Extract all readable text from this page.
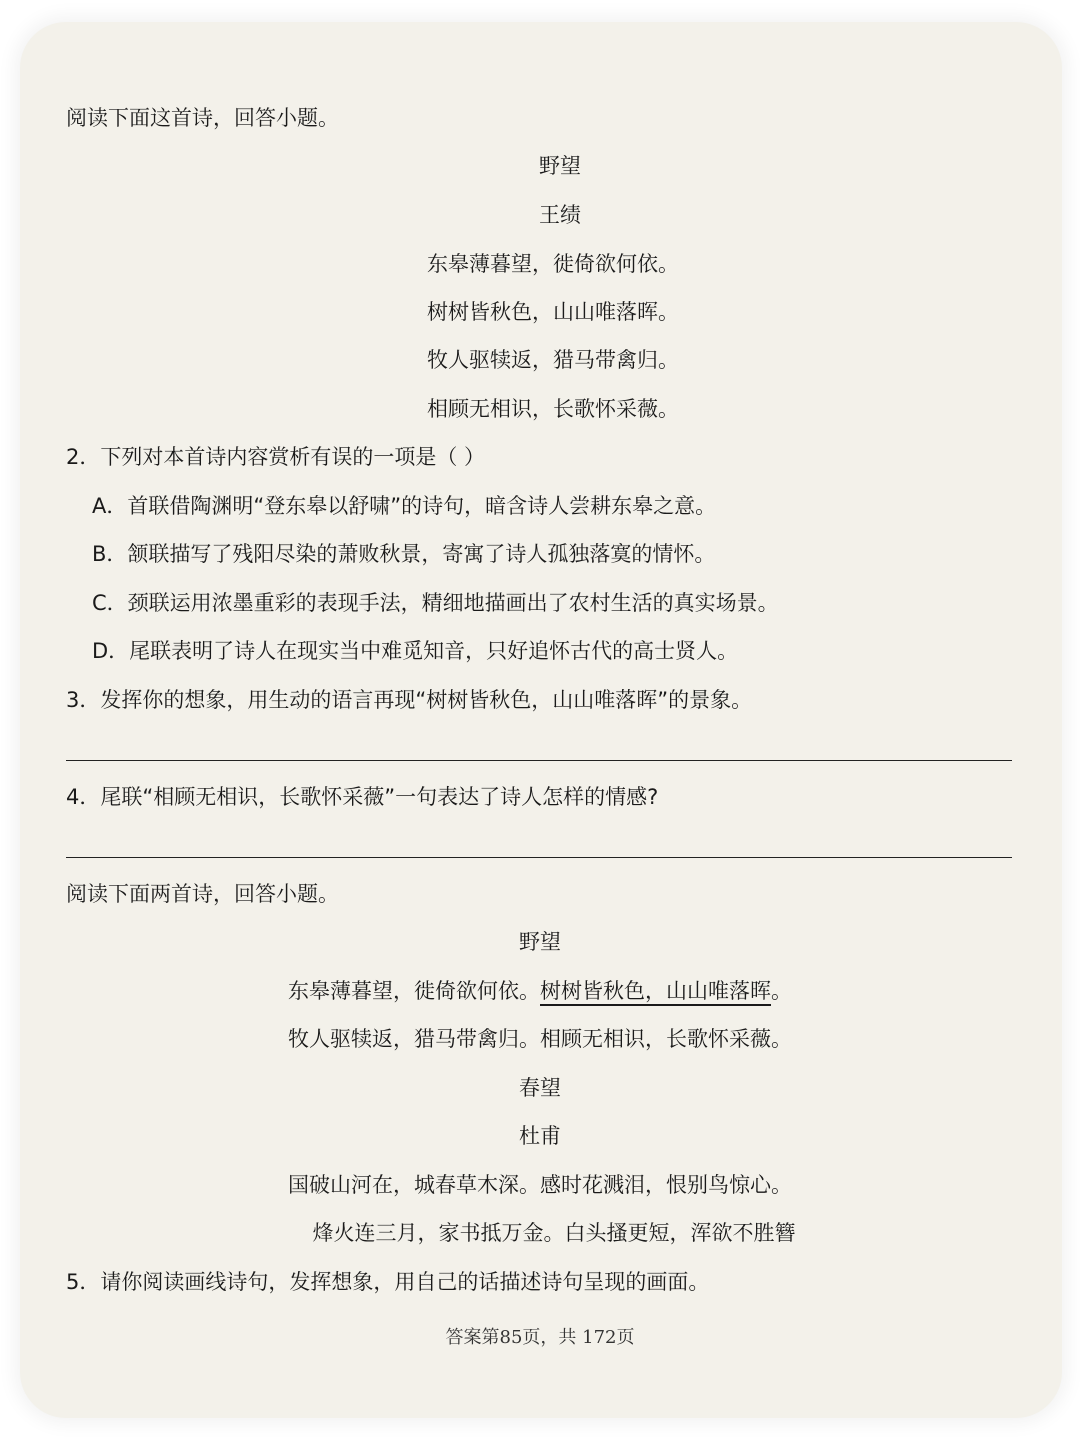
阅读下面这首诗，回答小题。
野望
王绩
东皋薄暮望，徙倚欲何依。
树树皆秋色，山山唯落晖。
牧人驱犊返，猎马带禽归。
相顾无相识，长歌怀采薇。
2．下列对本首诗内容赏析有误的一项是（ ）
A．首联借陶渊明“登东皋以舒啸”的诗句，暗含诗人尝耕东皋之意。
B．颔联描写了残阳尽染的萧败秋景，寄寓了诗人孤独落寞的情怀。
C．颈联运用浓墨重彩的表现手法，精细地描画出了农村生活的真实场景。
D．尾联表明了诗人在现实当中难觅知音，只好追怀古代的高士贤人。
3．发挥你的想象，用生动的语言再现“树树皆秋色，山山唯落晖”的景象。
4．尾联“相顾无相识，长歌怀采薇”一句表达了诗人怎样的情感?
阅读下面两首诗，回答小题。
野望
东皋薄暮望，徙倚欲何依。树树皆秋色，山山唯落晖。
牧人驱犊返，猎马带禽归。相顾无相识，长歌怀采薇。
春望
杜甫
国破山河在，城春草木深。感时花溅泪，恨别鸟惊心。
烽火连三月，家书抵万金。白头搔更短，浑欲不胜簪
5．请你阅读画线诗句，发挥想象，用自己的话描述诗句呈现的画面。
答案第85页，共 172页
